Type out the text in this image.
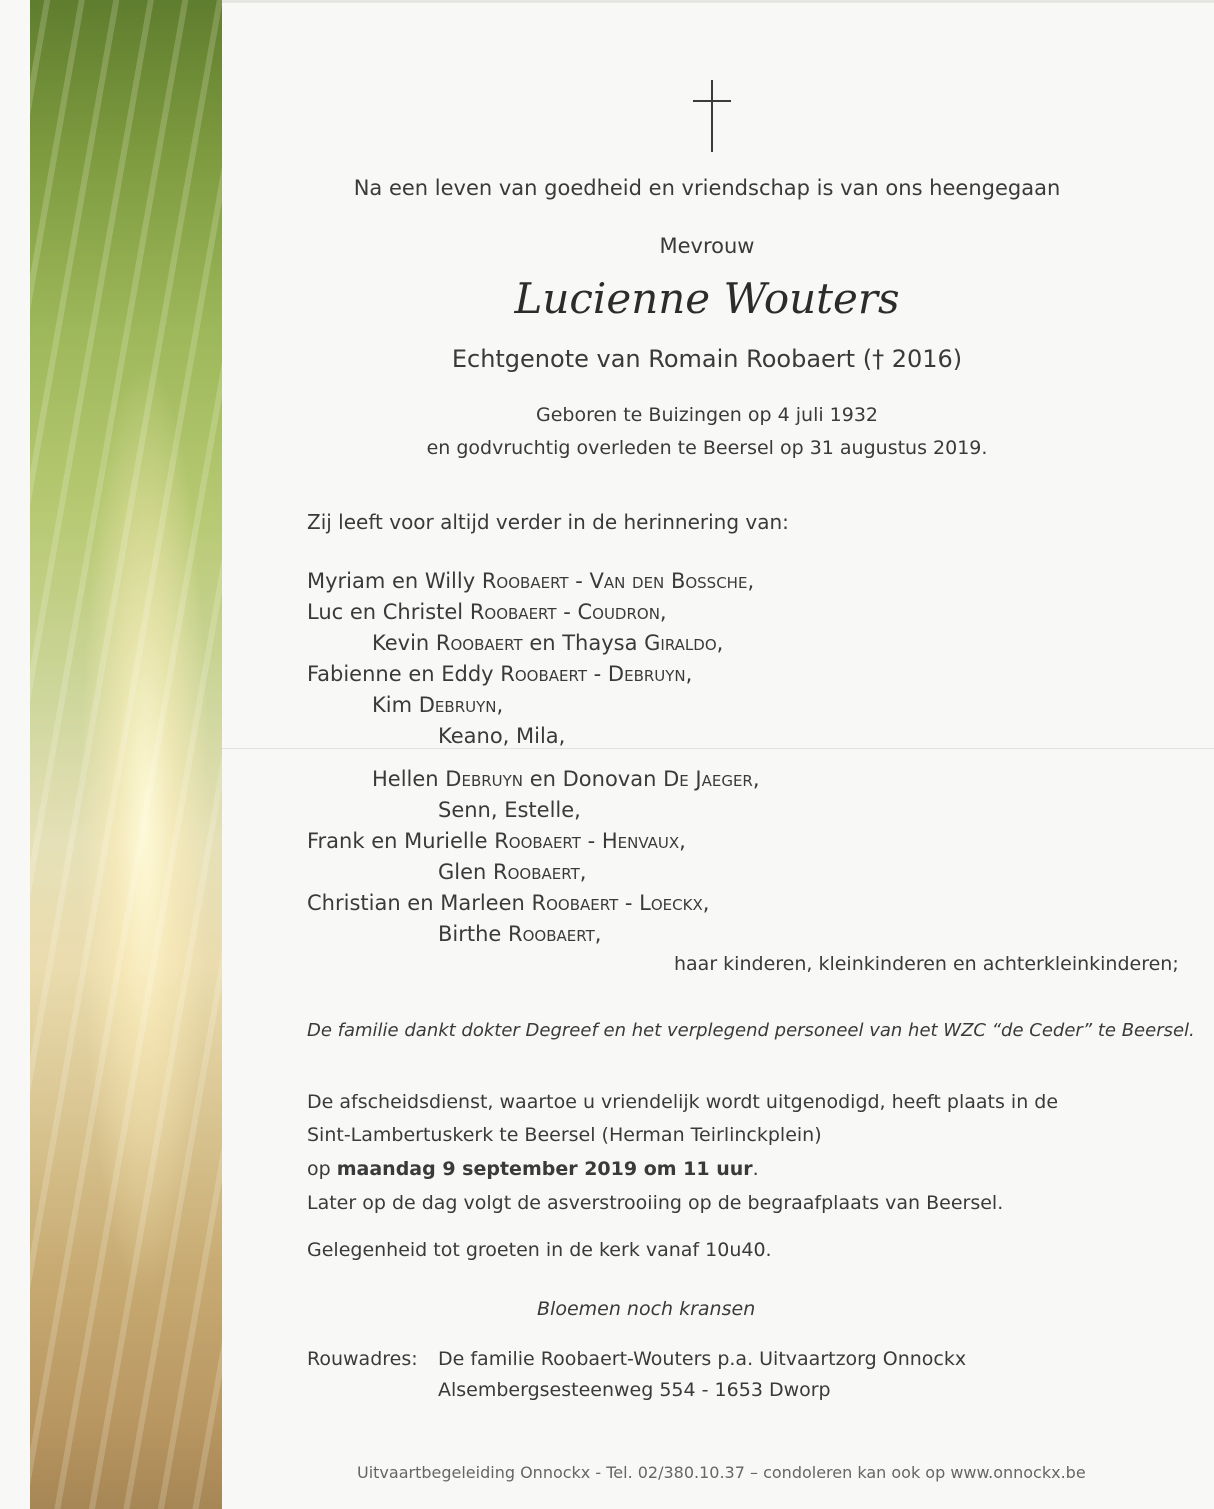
Na een leven van goedheid en vriendschap is van ons heengegaan
Mevrouw
Lucienne Wouters
Echtgenote van Romain Roobaert († 2016)
Geboren te Buizingen op 4 juli 1932
en godvruchtig overleden te Beersel op 31 augustus 2019.
Zij leeft voor altijd verder in de herinnering van:
Myriam en Willy Roobaert - Van den Bossche,
Luc en Christel Roobaert - Coudron,
Kevin Roobaert en Thaysa Giraldo,
Fabienne en Eddy Roobaert - Debruyn,
Kim Debruyn,
Keano, Mila,
Hellen Debruyn en Donovan De Jaeger,
Senn, Estelle,
Frank en Murielle Roobaert - Henvaux,
Glen Roobaert,
Christian en Marleen Roobaert - Loeckx,
Birthe Roobaert,
haar kinderen, kleinkinderen en achterkleinkinderen;
De familie dankt dokter Degreef en het verplegend personeel van het WZC “de Ceder” te Beersel.
De afscheidsdienst, waartoe u vriendelijk wordt uitgenodigd, heeft plaats in de
Sint-Lambertuskerk te Beersel (Herman Teirlinckplein)
op maandag 9 september 2019 om 11 uur.
Later op de dag volgt de asverstrooiing op de begraafplaats van Beersel.
Gelegenheid tot groeten in de kerk vanaf 10u40.
Bloemen noch kransen
Rouwadres: De familie Roobaert-Wouters p.a. Uitvaartzorg Onnockx
Alsembergsesteenweg 554 - 1653 Dworp
Uitvaartbegeleiding Onnockx - Tel. 02/380.10.37 – condoleren kan ook op www.onnockx.be
